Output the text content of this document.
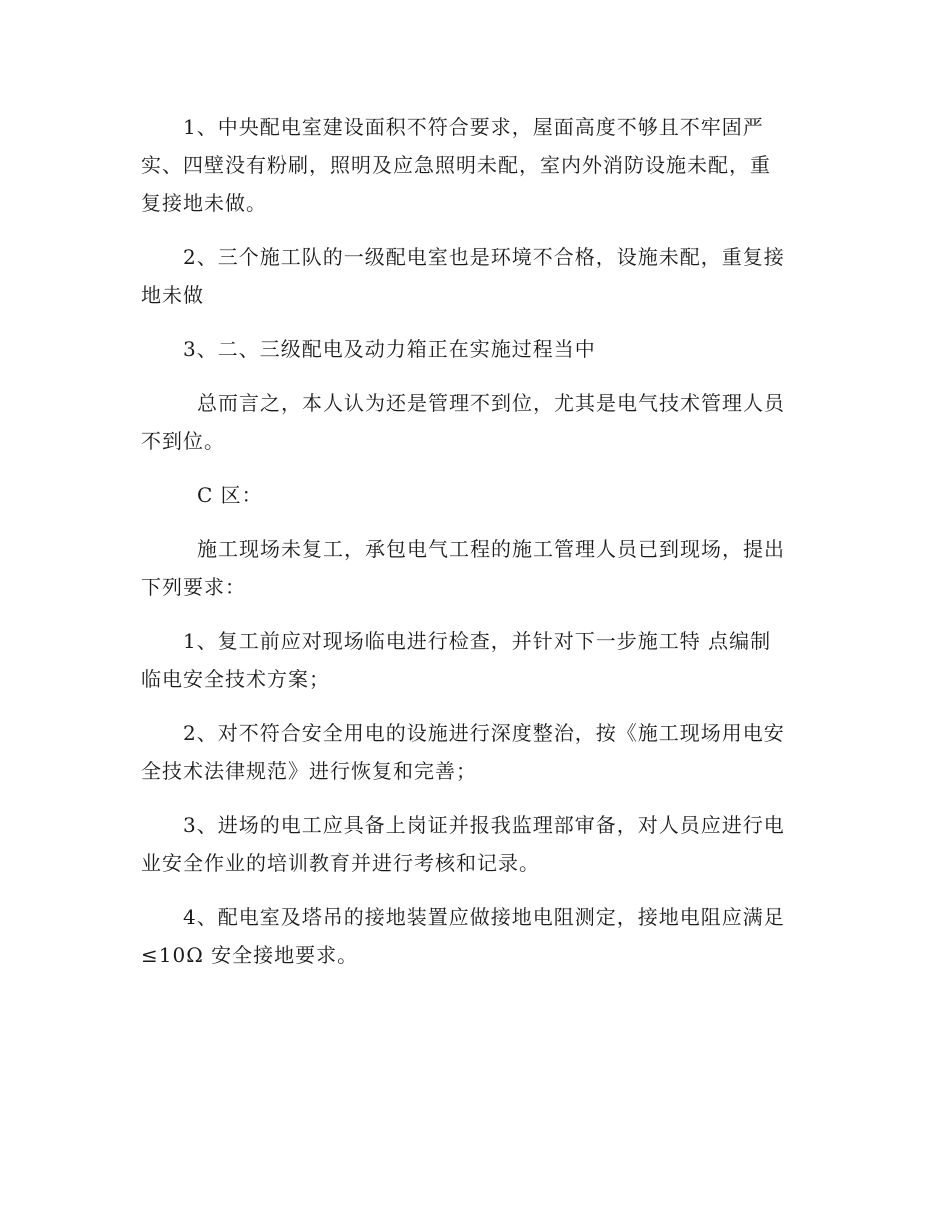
1、中央配电室建设面积不符合要求，屋面高度不够且不牢固严
实、四壁没有粉刷，照明及应急照明未配，室内外消防设施未配，重
复接地未做。

2、三个施工队的一级配电室也是环境不合格，设施未配，重复接
地未做

3、二、三级配电及动力箱正在实施过程当中

总而言之，本人认为还是管理不到位，尤其是电气技术管理人员
不到位。

C 区：

施工现场未复工，承包电气工程的施工管理人员已到现场，提出
下列要求：

1、复工前应对现场临电进行检查，并针对下一步施工特 点编制
临电安全技术方案；

2、对不符合安全用电的设施进行深度整治，按《施工现场用电安
全技术法律规范》进行恢复和完善；

3、进场的电工应具备上岗证并报我监理部审备，对人员应进行电
业安全作业的培训教育并进行考核和记录。

4、配电室及塔吊的接地装置应做接地电阻测定，接地电阻应满足
≤10Ω 安全接地要求。
